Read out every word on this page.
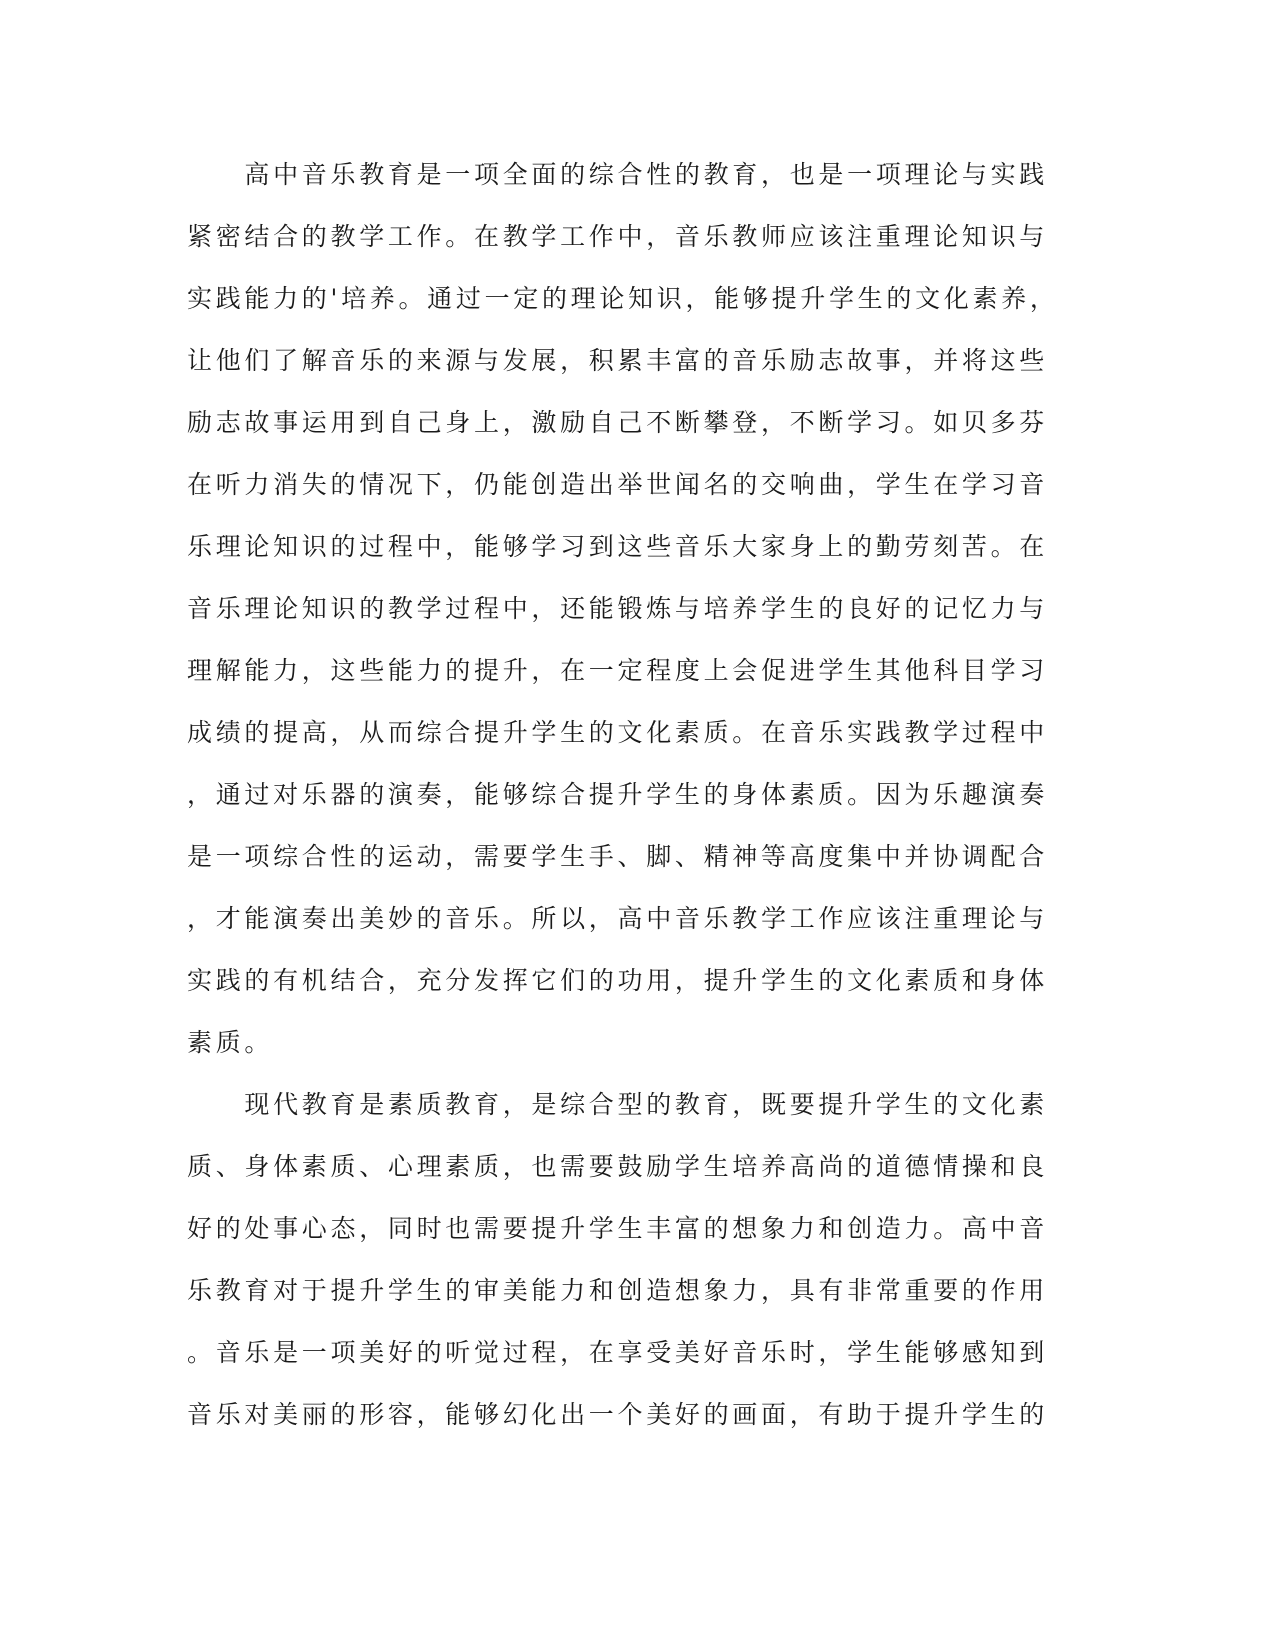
　　高中音乐教育是一项全面的综合性的教育，也是一项理论与实践
紧密结合的教学工作。在教学工作中，音乐教师应该注重理论知识与
实践能力的'培养。通过一定的理论知识，能够提升学生的文化素养，
让他们了解音乐的来源与发展，积累丰富的音乐励志故事，并将这些
励志故事运用到自己身上，激励自己不断攀登，不断学习。如贝多芬
在听力消失的情况下，仍能创造出举世闻名的交响曲，学生在学习音
乐理论知识的过程中，能够学习到这些音乐大家身上的勤劳刻苦。在
音乐理论知识的教学过程中，还能锻炼与培养学生的良好的记忆力与
理解能力，这些能力的提升，在一定程度上会促进学生其他科目学习
成绩的提高，从而综合提升学生的文化素质。在音乐实践教学过程中
，通过对乐器的演奏，能够综合提升学生的身体素质。因为乐趣演奏
是一项综合性的运动，需要学生手、脚、精神等高度集中并协调配合
，才能演奏出美妙的音乐。所以，高中音乐教学工作应该注重理论与
实践的有机结合，充分发挥它们的功用，提升学生的文化素质和身体
素质。
　　现代教育是素质教育，是综合型的教育，既要提升学生的文化素
质、身体素质、心理素质，也需要鼓励学生培养高尚的道德情操和良
好的处事心态，同时也需要提升学生丰富的想象力和创造力。高中音
乐教育对于提升学生的审美能力和创造想象力，具有非常重要的作用
。音乐是一项美好的听觉过程，在享受美好音乐时，学生能够感知到
音乐对美丽的形容，能够幻化出一个美好的画面，有助于提升学生的
